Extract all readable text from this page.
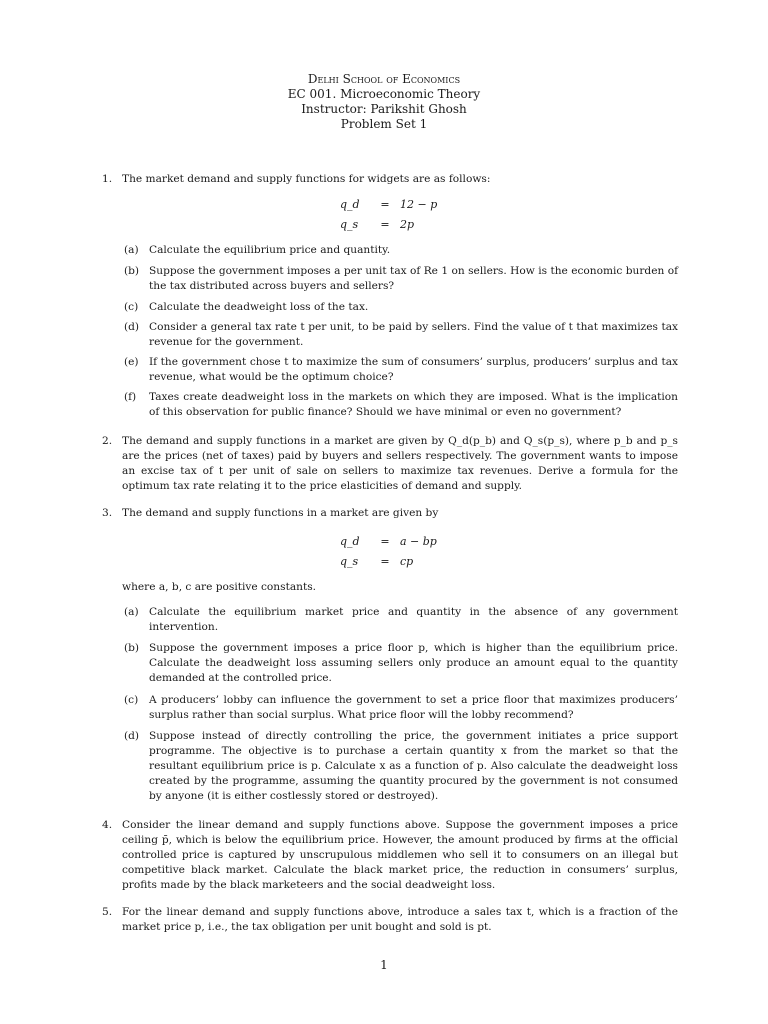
Delhi School of Economics
EC 001. Microeconomic Theory
Instructor: Parikshit Ghosh
Problem Set 1
1. The market demand and supply functions for widgets are as follows:
q_d = 12 − p
q_s = 2p
(a) Calculate the equilibrium price and quantity.
(b) Suppose the government imposes a per unit tax of Re 1 on sellers. How is the economic burden of the tax distributed across buyers and sellers?
(c) Calculate the deadweight loss of the tax.
(d) Consider a general tax rate t per unit, to be paid by sellers. Find the value of t that maximizes tax revenue for the government.
(e) If the government chose t to maximize the sum of consumers’ surplus, producers’ surplus and tax revenue, what would be the optimum choice?
(f) Taxes create deadweight loss in the markets on which they are imposed. What is the implication of this observation for public finance? Should we have minimal or even no government?
2. The demand and supply functions in a market are given by Q_d(p_b) and Q_s(p_s), where p_b and p_s are the prices (net of taxes) paid by buyers and sellers respectively. The government wants to impose an excise tax of t per unit of sale on sellers to maximize tax revenues. Derive a formula for the optimum tax rate relating it to the price elasticities of demand and supply.
3. The demand and supply functions in a market are given by
q_d = a − bp
q_s = cp
where a, b, c are positive constants.
(a) Calculate the equilibrium market price and quantity in the absence of any government intervention.
(b) Suppose the government imposes a price floor p, which is higher than the equilibrium price. Calculate the deadweight loss assuming sellers only produce an amount equal to the quantity demanded at the controlled price.
(c) A producers’ lobby can influence the government to set a price floor that maximizes producers’ surplus rather than social surplus. What price floor will the lobby recommend?
(d) Suppose instead of directly controlling the price, the government initiates a price support programme. The objective is to purchase a certain quantity x from the market so that the resultant equilibrium price is p. Calculate x as a function of p. Also calculate the deadweight loss created by the programme, assuming the quantity procured by the government is not consumed by anyone (it is either costlessly stored or destroyed).
4. Consider the linear demand and supply functions above. Suppose the government imposes a price ceiling p̄, which is below the equilibrium price. However, the amount produced by firms at the official controlled price is captured by unscrupulous middlemen who sell it to consumers on an illegal but competitive black market. Calculate the black market price, the reduction in consumers’ surplus, profits made by the black marketeers and the social deadweight loss.
5. For the linear demand and supply functions above, introduce a sales tax t, which is a fraction of the market price p, i.e., the tax obligation per unit bought and sold is pt.
1
